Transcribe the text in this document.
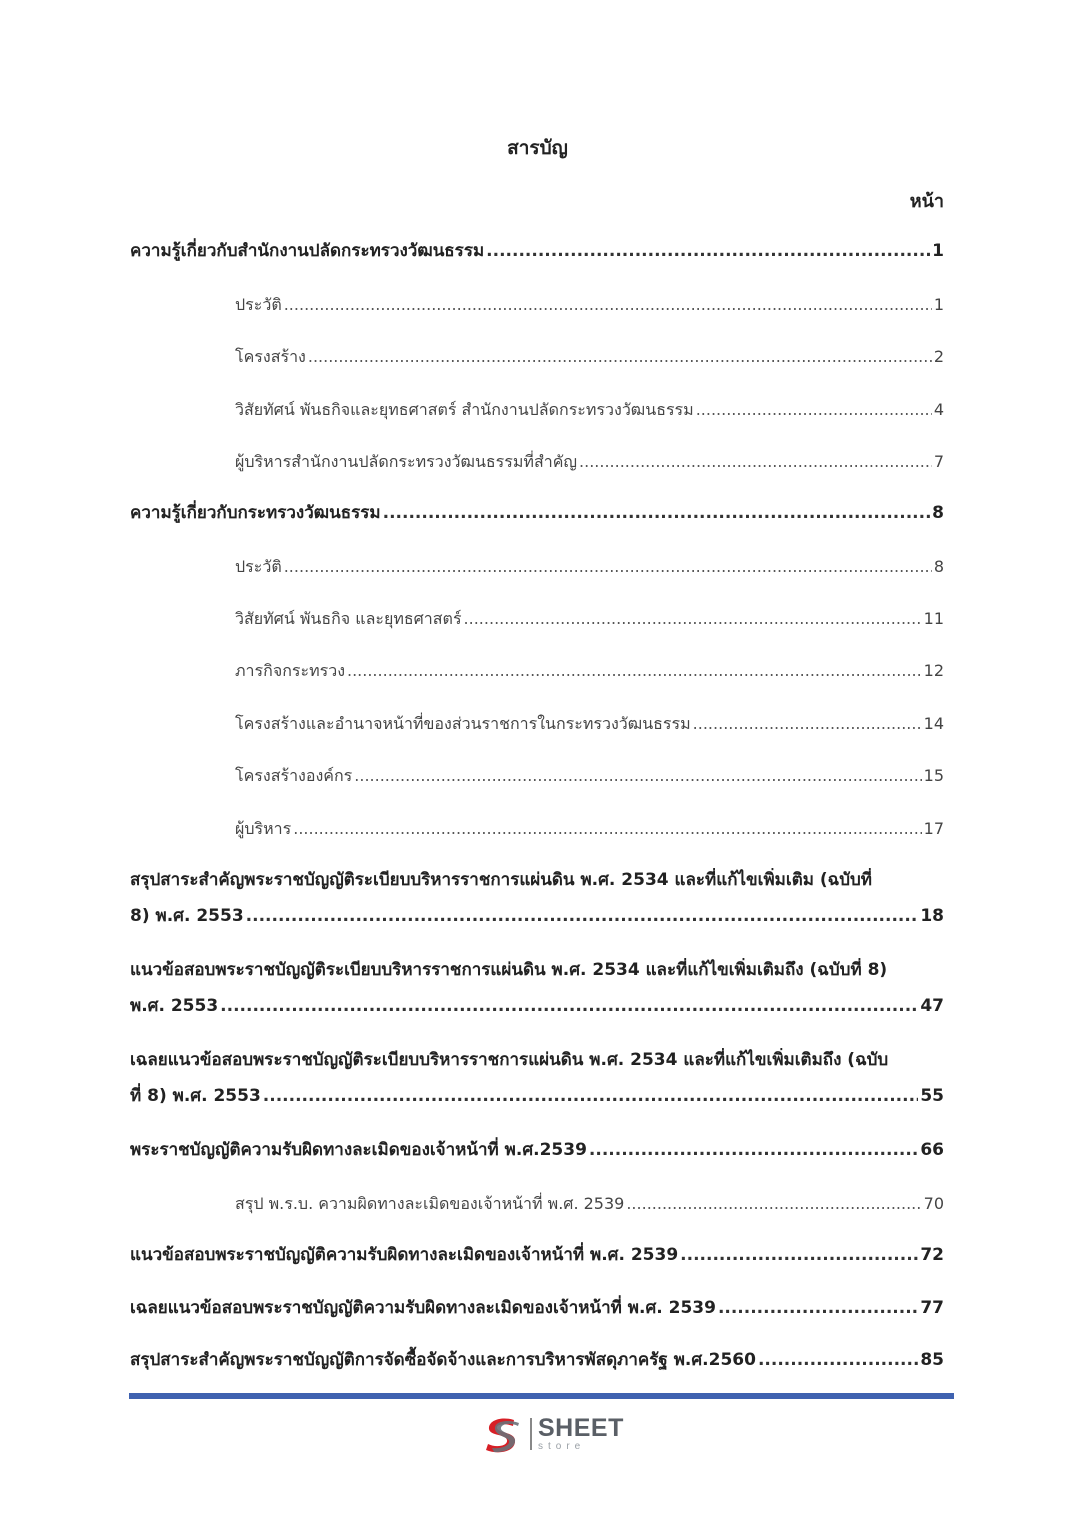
สารบัญ
หน้า
ความรู้เกี่ยวกับสำนักงานปลัดกระทรวงวัฒนธรรม .....	1
ประวัติ .....	1
โครงสร้าง .....	2
วิสัยทัศน์ พันธกิจและยุทธศาสตร์ สำนักงานปลัดกระทรวงวัฒนธรรม .....	4
ผู้บริหารสำนักงานปลัดกระทรวงวัฒนธรรมที่สำคัญ .....	7
ความรู้เกี่ยวกับกระทรวงวัฒนธรรม .....	8
ประวัติ .....	8
วิสัยทัศน์ พันธกิจ และยุทธศาสตร์ .....	11
ภารกิจกระทรวง .....	12
โครงสร้างและอำนาจหน้าที่ของส่วนราชการในกระทรวงวัฒนธรรม .....	14
โครงสร้างองค์กร .....	15
ผู้บริหาร .....	17
สรุปสาระสำคัญพระราชบัญญัติระเบียบบริหารราชการแผ่นดิน พ.ศ. 2534 และที่แก้ไขเพิ่มเติม (ฉบับที่
8) พ.ศ. 2553 .....	18
แนวข้อสอบพระราชบัญญัติระเบียบบริหารราชการแผ่นดิน พ.ศ. 2534 และที่แก้ไขเพิ่มเติมถึง (ฉบับที่ 8)
พ.ศ. 2553 .....	47
เฉลยแนวข้อสอบพระราชบัญญัติระเบียบบริหารราชการแผ่นดิน พ.ศ. 2534 และที่แก้ไขเพิ่มเติมถึง (ฉบับ
ที่ 8) พ.ศ. 2553 .....	55
พระราชบัญญัติความรับผิดทางละเมิดของเจ้าหน้าที่ พ.ศ.2539 .....	66
สรุป พ.ร.บ. ความผิดทางละเมิดของเจ้าหน้าที่ พ.ศ. 2539 .....	70
แนวข้อสอบพระราชบัญญัติความรับผิดทางละเมิดของเจ้าหน้าที่ พ.ศ. 2539 .....	72
เฉลยแนวข้อสอบพระราชบัญญัติความรับผิดทางละเมิดของเจ้าหน้าที่ พ.ศ. 2539 .....	77
สรุปสาระสำคัญพระราชบัญญัติการจัดซื้อจัดจ้างและการบริหารพัสดุภาครัฐ พ.ศ.2560 .....	85
SHEET
store
